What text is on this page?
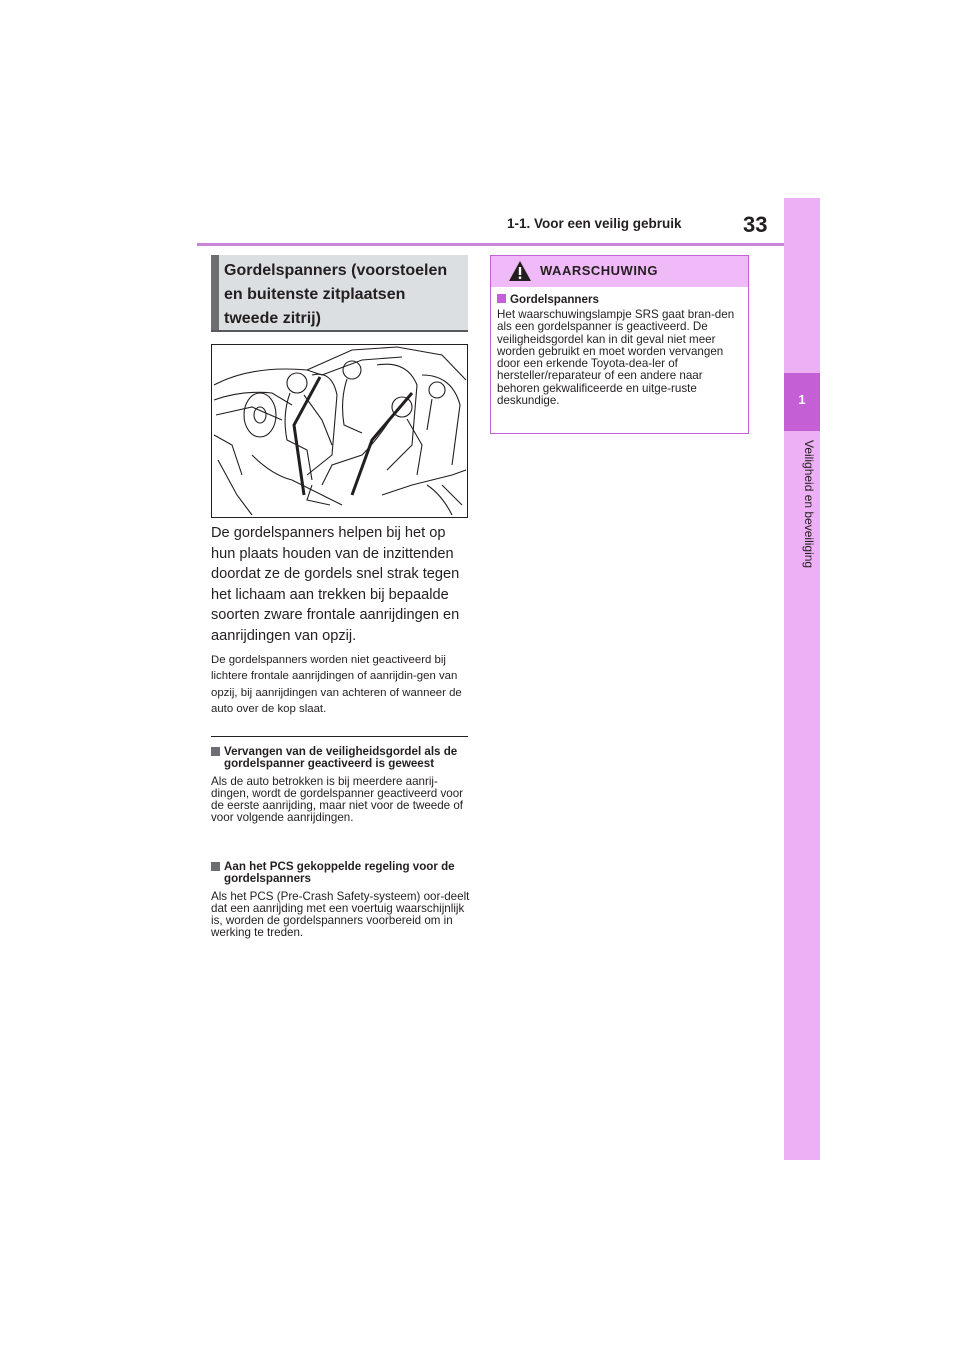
1-1. Voor een veilig gebruik	33
1
Veiligheid en beveiliging
Gordelspanners (voorstoelen en buitenste zitplaatsen tweede zitrij)
De gordelspanners helpen bij het op hun plaats houden van de inzittenden doordat ze de gordels snel strak tegen het lichaam aan trekken bij bepaalde soorten zware frontale aanrijdingen en aanrijdingen van opzij.
De gordelspanners worden niet geactiveerd bij lichtere frontale aanrijdingen of aanrijdin-gen van opzij, bij aanrijdingen van achteren of wanneer de auto over de kop slaat.
Vervangen van de veiligheidsgordel als de gordelspanner geactiveerd is geweest
Als de auto betrokken is bij meerdere aanrij-dingen, wordt de gordelspanner geactiveerd voor de eerste aanrijding, maar niet voor de tweede of voor volgende aanrijdingen.
Aan het PCS gekoppelde regeling voor de gordelspanners
Als het PCS (Pre-Crash Safety-systeem) oor-deelt dat een aanrijding met een voertuig waarschijnlijk is, worden de gordelspanners voorbereid om in werking te treden.
WAARSCHUWING
Gordelspanners
Het waarschuwingslampje SRS gaat bran-den als een gordelspanner is geactiveerd. De veiligheidsgordel kan in dit geval niet meer worden gebruikt en moet worden vervangen door een erkende Toyota-dea-ler of hersteller/reparateur of een andere naar behoren gekwalificeerde en uitge-ruste deskundige.
